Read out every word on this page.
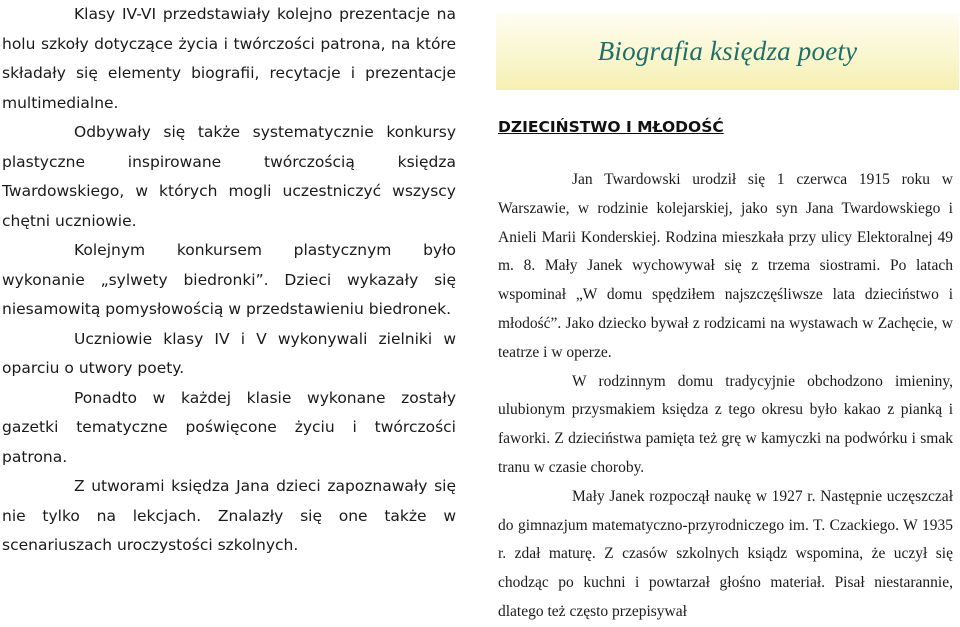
Klasy IV-VI przedstawiały kolejno prezentacje na holu szkoły dotyczące życia i twórczości patrona, na które składały się elementy biografii, recytacje i prezentacje multimedialne.

Odbywały się także systematycznie konkursy plastyczne inspirowane twórczością księdza Twardowskiego, w których mogli uczestniczyć wszyscy chętni uczniowie.

Kolejnym konkursem plastycznym było wykonanie „sylwety biedronki”. Dzieci wykazały się niesamowitą pomysłowością w przedstawieniu biedronek.

Uczniowie klasy IV i V wykonywali zielniki w oparciu o utwory poety.

Ponadto w każdej klasie wykonane zostały gazetki tematyczne poświęcone życiu i twórczości patrona.

Z utworami księdza Jana dzieci zapoznawały się nie tylko na lekcjach. Znalazły się one także w scenariuszach uroczystości szkolnych.

Biografia księdza poety
DZIECIŃSTWO I MŁODOŚĆ

Jan Twardowski urodził się 1 czerwca 1915 roku w Warszawie, w rodzinie kolejarskiej, jako syn Jana Twardowskiego i Anieli Marii Konderskiej. Rodzina mieszkała przy ulicy Elektoralnej 49 m. 8. Mały Janek wychowywał się z trzema siostrami. Po latach wspominał „W domu spędziłem najszczęśliwsze lata dzieciństwo i młodość”. Jako dziecko bywał z rodzicami na wystawach w Zachęcie, w teatrze i w operze.

W rodzinnym domu tradycyjnie obchodzono imieniny, ulubionym przysmakiem księdza z tego okresu było kakao z pianką i faworki. Z dzieciństwa pamięta też grę w kamyczki na podwórku i smak tranu w czasie choroby.

Mały Janek rozpoczął naukę w 1927 r. Następnie uczęszczał do gimnazjum matematyczno-przyrodniczego im. T. Czackiego. W 1935 r. zdał maturę. Z czasów szkolnych ksiądz wspomina, że uczył się chodząc po kuchni i powtarzał głośno materiał. Pisał niestarannie, dlatego też często przepisywał
